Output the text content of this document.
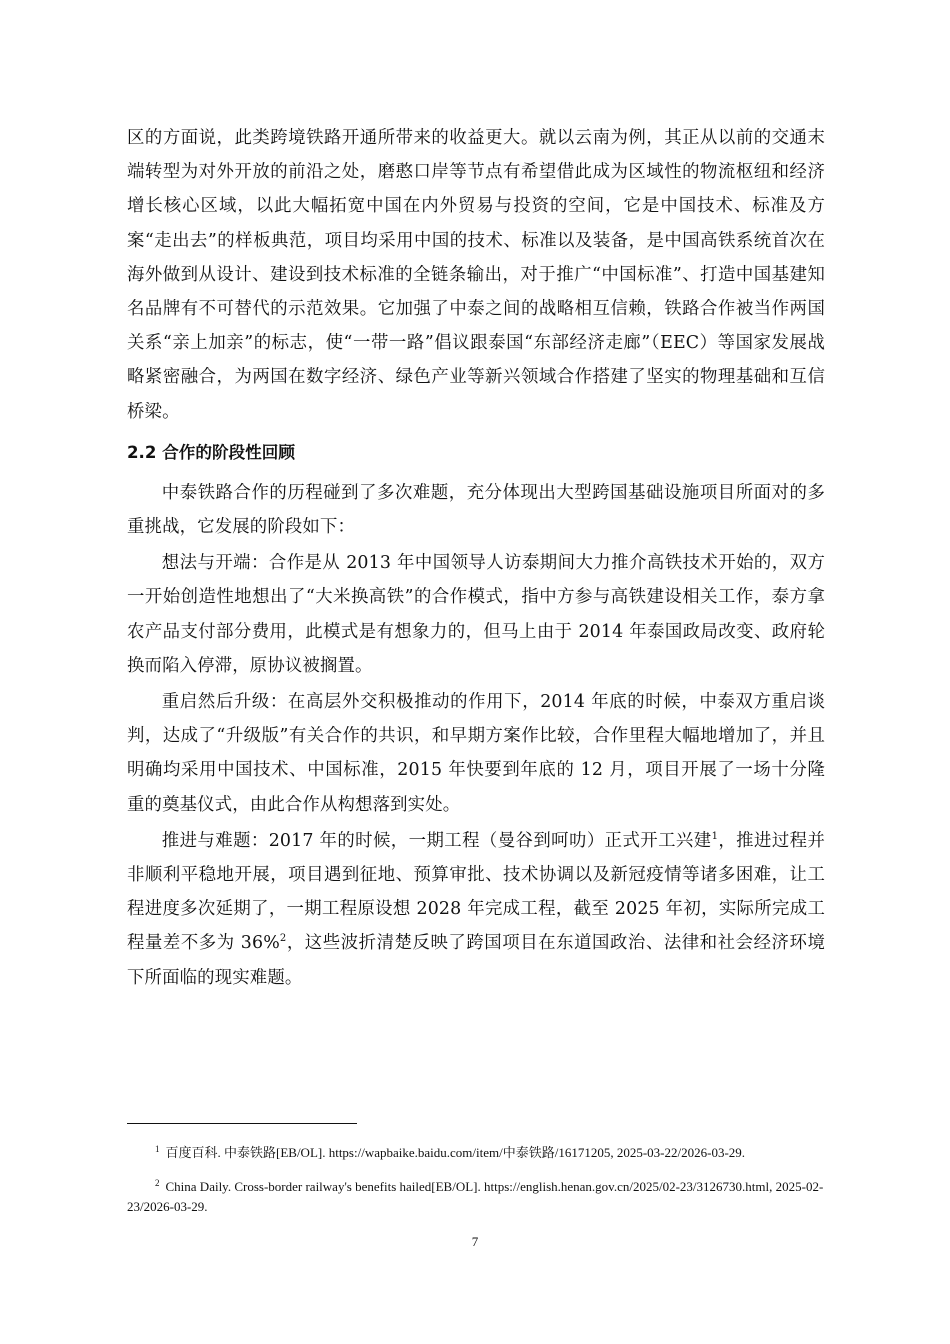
区的方面说，此类跨境铁路开通所带来的收益更大。就以云南为例，其正从以前的交通末端转型为对外开放的前沿之处，磨憨口岸等节点有希望借此成为区域性的物流枢纽和经济增长核心区域，以此大幅拓宽中国在内外贸易与投资的空间，它是中国技术、标准及方案“走出去”的样板典范，项目均采用中国的技术、标准以及装备，是中国高铁系统首次在海外做到从设计、建设到技术标准的全链条输出，对于推广“中国标准”、打造中国基建知名品牌有不可替代的示范效果。它加强了中泰之间的战略相互信赖，铁路合作被当作两国关系“亲上加亲”的标志，使“一带一路”倡议跟泰国“东部经济走廊”（EEC）等国家发展战略紧密融合，为两国在数字经济、绿色产业等新兴领域合作搭建了坚实的物理基础和互信桥梁。

2.2 合作的阶段性回顾

中泰铁路合作的历程碰到了多次难题，充分体现出大型跨国基础设施项目所面对的多重挑战，它发展的阶段如下：

想法与开端：合作是从 2013 年中国领导人访泰期间大力推介高铁技术开始的，双方一开始创造性地想出了“大米换高铁”的合作模式，指中方参与高铁建设相关工作，泰方拿农产品支付部分费用，此模式是有想象力的，但马上由于 2014 年泰国政局改变、政府轮换而陷入停滞，原协议被搁置。

重启然后升级：在高层外交积极推动的作用下，2014 年底的时候，中泰双方重启谈判，达成了“升级版”有关合作的共识，和早期方案作比较，合作里程大幅地增加了，并且明确均采用中国技术、中国标准，2015 年快要到年底的 12 月，项目开展了一场十分隆重的奠基仪式，由此合作从构想落到实处。

推进与难题：2017 年的时候，一期工程（曼谷到呵叻）正式开工兴建$^1$，推进过程并非顺利平稳地开展，项目遇到征地、预算审批、技术协调以及新冠疫情等诸多困难，让工程进度多次延期了，一期工程原设想 2028 年完成工程，截至 2025 年初，实际所完成工程量差不多为 36%$^2$，这些波折清楚反映了跨国项目在东道国政治、法律和社会经济环境下所面临的现实难题。

$^1$ 百度百科. 中泰铁路[EB/OL]. https://wapbaike.baidu.com/item/中泰铁路/16171205, 2025-03-22/2026-03-29.

$^2$ China Daily. Cross-border railway's benefits hailed[EB/OL]. https://english.henan.gov.cn/2025/02-23/3126730.html, 2025-02-23/2026-03-29.

7
